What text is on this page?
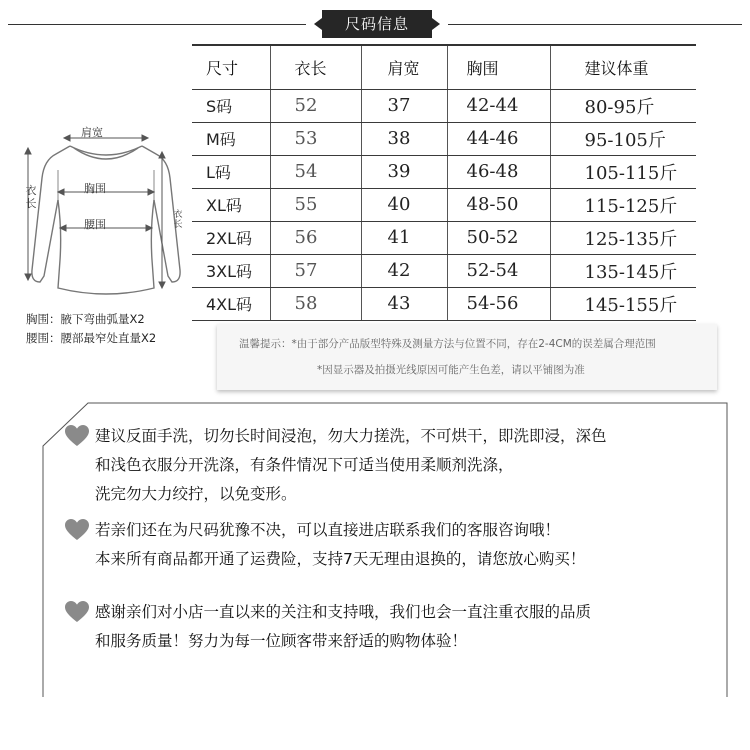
尺码信息
肩宽
胸围
腰围
衣长
衣长
胸围：腋下弯曲弧量X2
腰围：腰部最窄处直量X2
尺寸	衣长	肩宽	胸围	建议体重
S码	52	37	42-44	80-95斤
M码	53	38	44-46	95-105斤
L码	54	39	46-48	105-115斤
XL码	55	40	48-50	115-125斤
2XL码	56	41	50-52	125-135斤
3XL码	57	42	52-54	135-145斤
4XL码	58	43	54-56	145-155斤
温馨提示：*由于部分产品版型特殊及测量方法与位置不同，存在2-4CM的误差属合理范围
*因显示器及拍摄光线原因可能产生色差，请以平铺图为准
建议反面手洗，切勿长时间浸泡，勿大力搓洗，不可烘干，即洗即浸，深色
和浅色衣服分开洗涤，有条件情况下可适当使用柔顺剂洗涤，
洗完勿大力绞拧，以免变形。
若亲们还在为尺码犹豫不决，可以直接进店联系我们的客服咨询哦！
本来所有商品都开通了运费险，支持7天无理由退换的，请您放心购买！
感谢亲们对小店一直以来的关注和支持哦，我们也会一直注重衣服的品质
和服务质量！努力为每一位顾客带来舒适的购物体验！
